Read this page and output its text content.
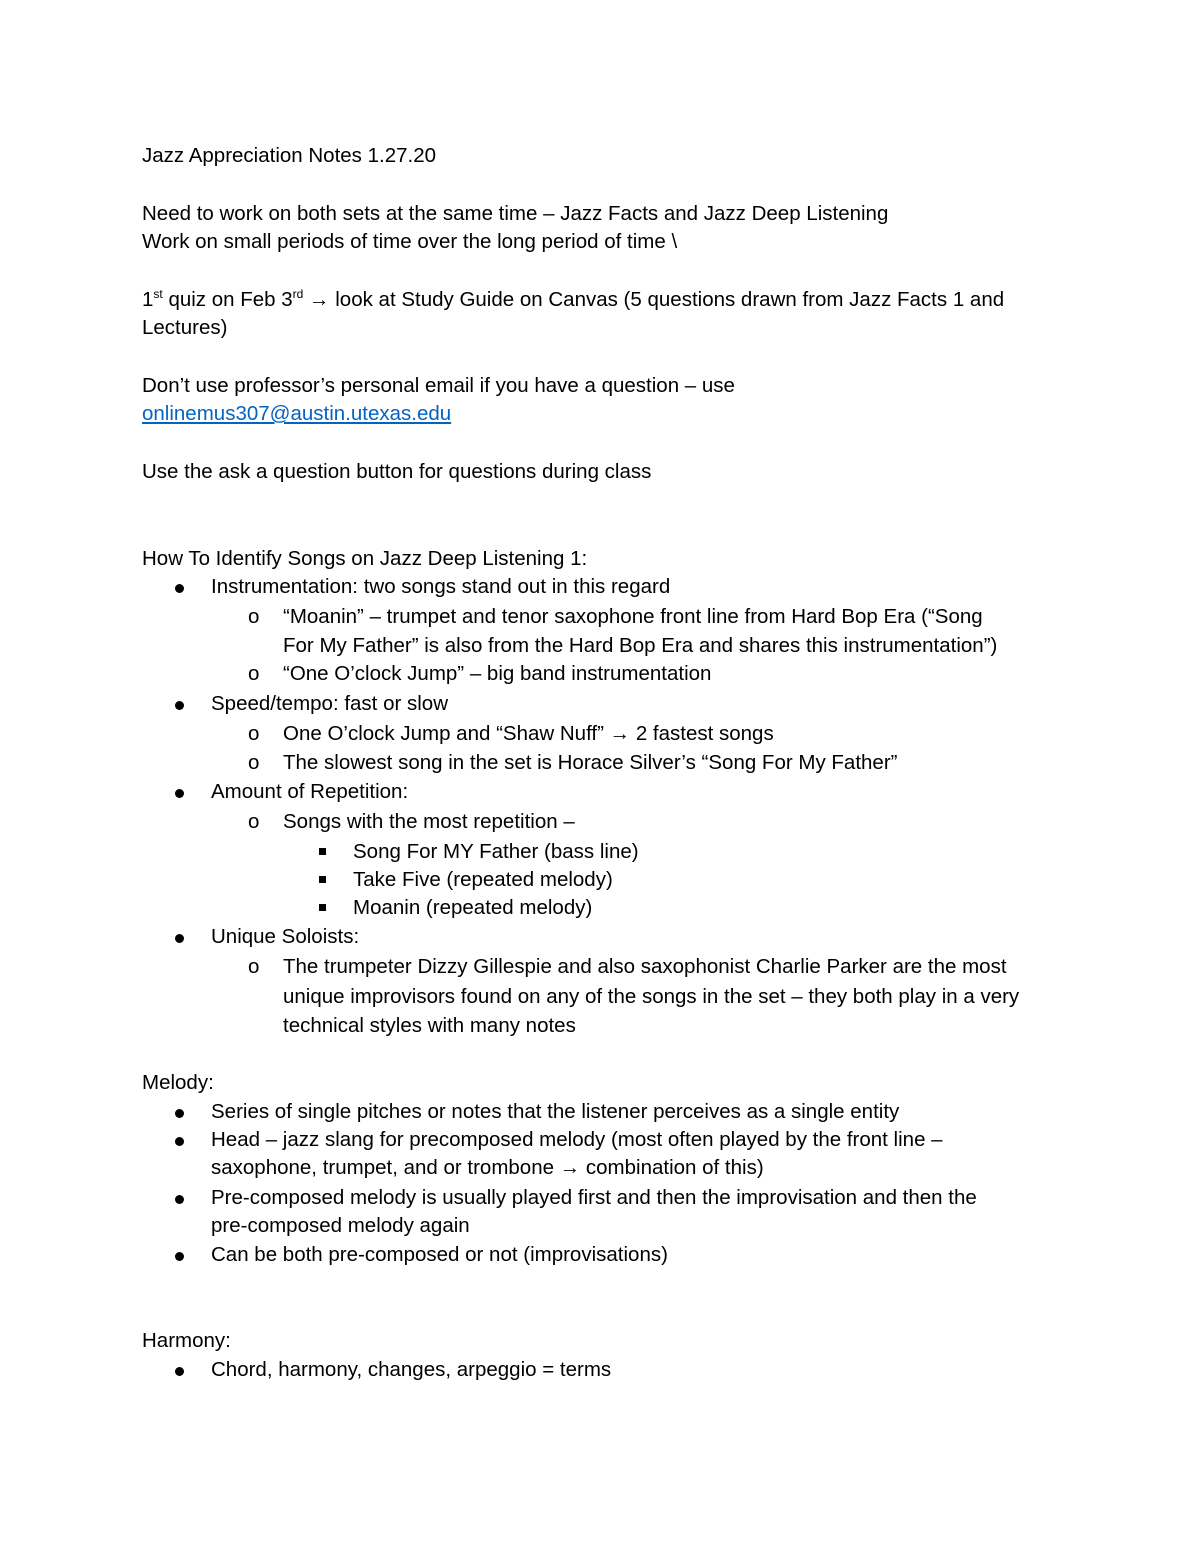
Jazz Appreciation Notes 1.27.20
Need to work on both sets at the same time – Jazz Facts and Jazz Deep Listening
Work on small periods of time over the long period of time \
1st quiz on Feb 3rd → look at Study Guide on Canvas (5 questions drawn from Jazz Facts 1 and
Lectures)
Don’t use professor’s personal email if you have a question – use
onlinemus307@austin.utexas.edu
Use the ask a question button for questions during class
How To Identify Songs on Jazz Deep Listening 1:
Instrumentation: two songs stand out in this regard
o “Moanin” – trumpet and tenor saxophone front line from Hard Bop Era (“Song
For My Father” is also from the Hard Bop Era and shares this instrumentation”)
o “One O’clock Jump” – big band instrumentation
Speed/tempo: fast or slow
o One O’clock Jump and “Shaw Nuff” → 2 fastest songs
o The slowest song in the set is Horace Silver’s “Song For My Father”
Amount of Repetition:
o Songs with the most repetition –
Song For MY Father (bass line)
Take Five (repeated melody)
Moanin (repeated melody)
Unique Soloists:
o The trumpeter Dizzy Gillespie and also saxophonist Charlie Parker are the most
unique improvisors found on any of the songs in the set – they both play in a very
technical styles with many notes
Melody:
Series of single pitches or notes that the listener perceives as a single entity
Head – jazz slang for precomposed melody (most often played by the front line –
saxophone, trumpet, and or trombone → combination of this)
Pre-composed melody is usually played first and then the improvisation and then the
pre-composed melody again
Can be both pre-composed or not (improvisations)
Harmony:
Chord, harmony, changes, arpeggio = terms
